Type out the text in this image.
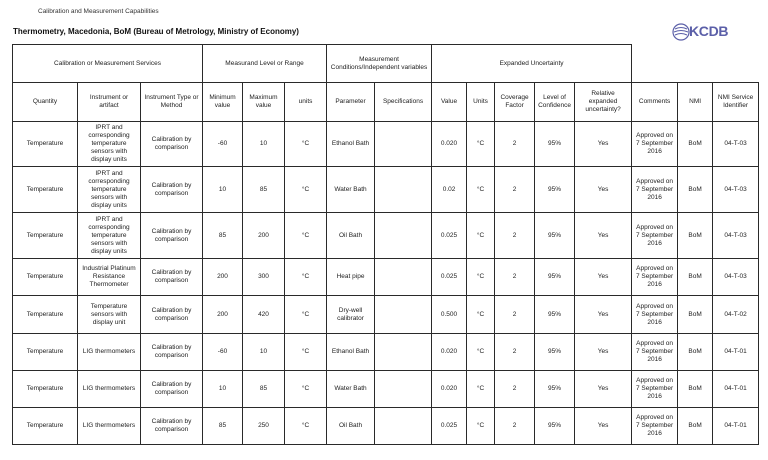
Calibration and Measurement Capabilities
Thermometry, Macedonia, BoM (Bureau of Metrology, Ministry of Economy)	KCDB
Calibration or Measurement Services			Measurand Level or Range			Measurement Conditions/Independent variables		Expanded Uncertainty							
Quantity	Instrument or artifact	Instrument Type or Method	Minimum value	Maximum value	units	Parameter	Specifications	Value	Units	Coverage Factor	Level of Confidence	Relative expanded uncertainty?	Comments	NMI	NMI Service Identifier
Temperature	IPRT and corresponding temperature sensors with display units	Calibration by comparison	-60	10	°C	Ethanol Bath		0.020	°C	2	95%	Yes	Approved on 7 September 2016	BoM	04-T-03
Temperature	IPRT and corresponding temperature sensors with display units	Calibration by comparison	10	85	°C	Water Bath		0.02	°C	2	95%	Yes	Approved on 7 September 2016	BoM	04-T-03
Temperature	IPRT and corresponding temperature sensors with display units	Calibration by comparison	85	200	°C	Oil Bath		0.025	°C	2	95%	Yes	Approved on 7 September 2016	BoM	04-T-03
Temperature	Industrial Platinum Resistance Thermometer	Calibration by comparison	200	300	°C	Heat pipe		0.025	°C	2	95%	Yes	Approved on 7 September 2016	BoM	04-T-03
Temperature	Temperature sensors with display unit	Calibration by comparison	200	420	°C	Dry-well calibrator		0.500	°C	2	95%	Yes	Approved on 7 September 2016	BoM	04-T-02
Temperature	LIG thermometers	Calibration by comparison	-60	10	°C	Ethanol Bath		0.020	°C	2	95%	Yes	Approved on 7 September 2016	BoM	04-T-01
Temperature	LIG thermometers	Calibration by comparison	10	85	°C	Water Bath		0.020	°C	2	95%	Yes	Approved on 7 September 2016	BoM	04-T-01
Temperature	LIG thermometers	Calibration by comparison	85	250	°C	Oil Bath		0.025	°C	2	95%	Yes	Approved on 7 September 2016	BoM	04-T-01
